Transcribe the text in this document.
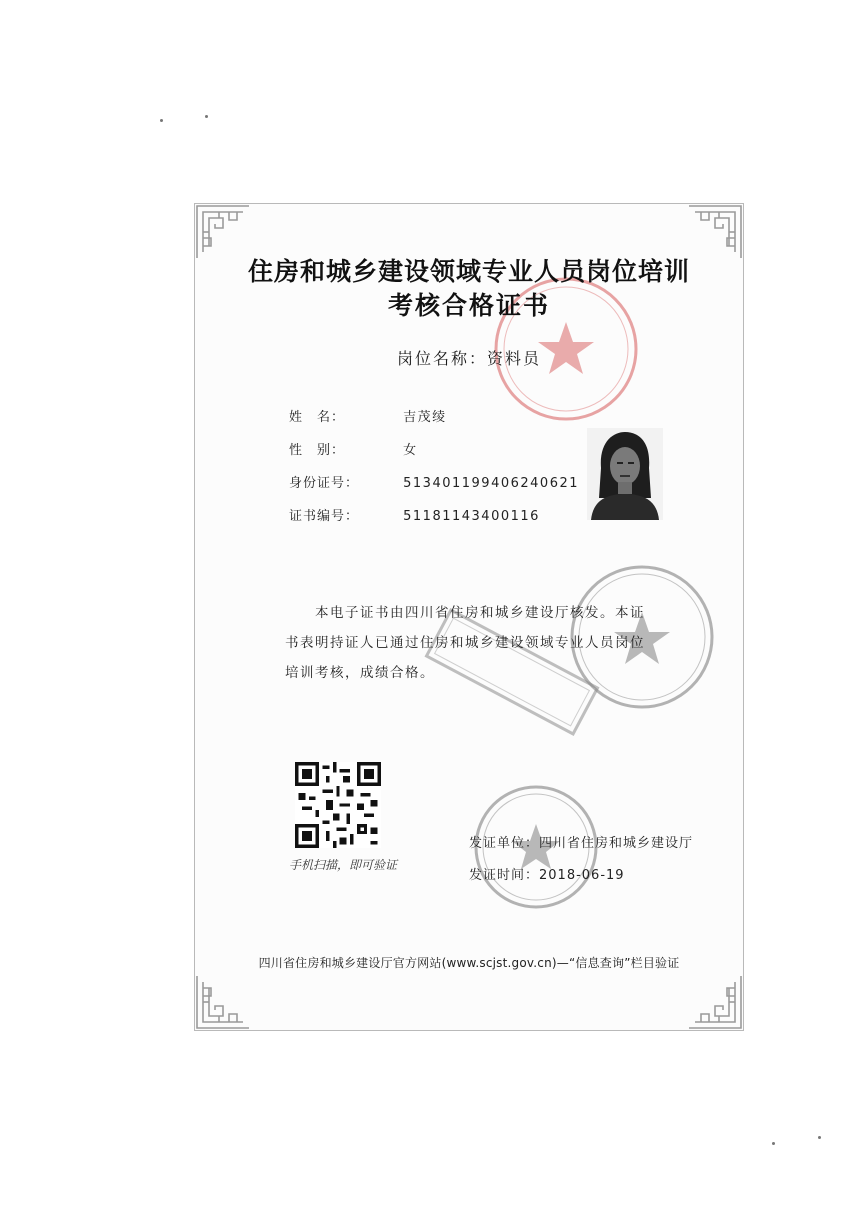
住房和城乡建设领域专业人员岗位培训
考核合格证书
岗位名称：资料员
姓　名：	吉茂绫
性　别：	女
身份证号：	513401199406240621
证书编号：	51181143400116
本电子证书由四川省住房和城乡建设厅核发。本证
书表明持证人已通过住房和城乡建设领域专业人员岗位
培训考核，成绩合格。
手机扫描，即可验证
发证单位：四川省住房和城乡建设厅
发证时间：2018-06-19
四川省住房和城乡建设厅官方网站(www.scjst.gov.cn)—“信息查询”栏目验证
